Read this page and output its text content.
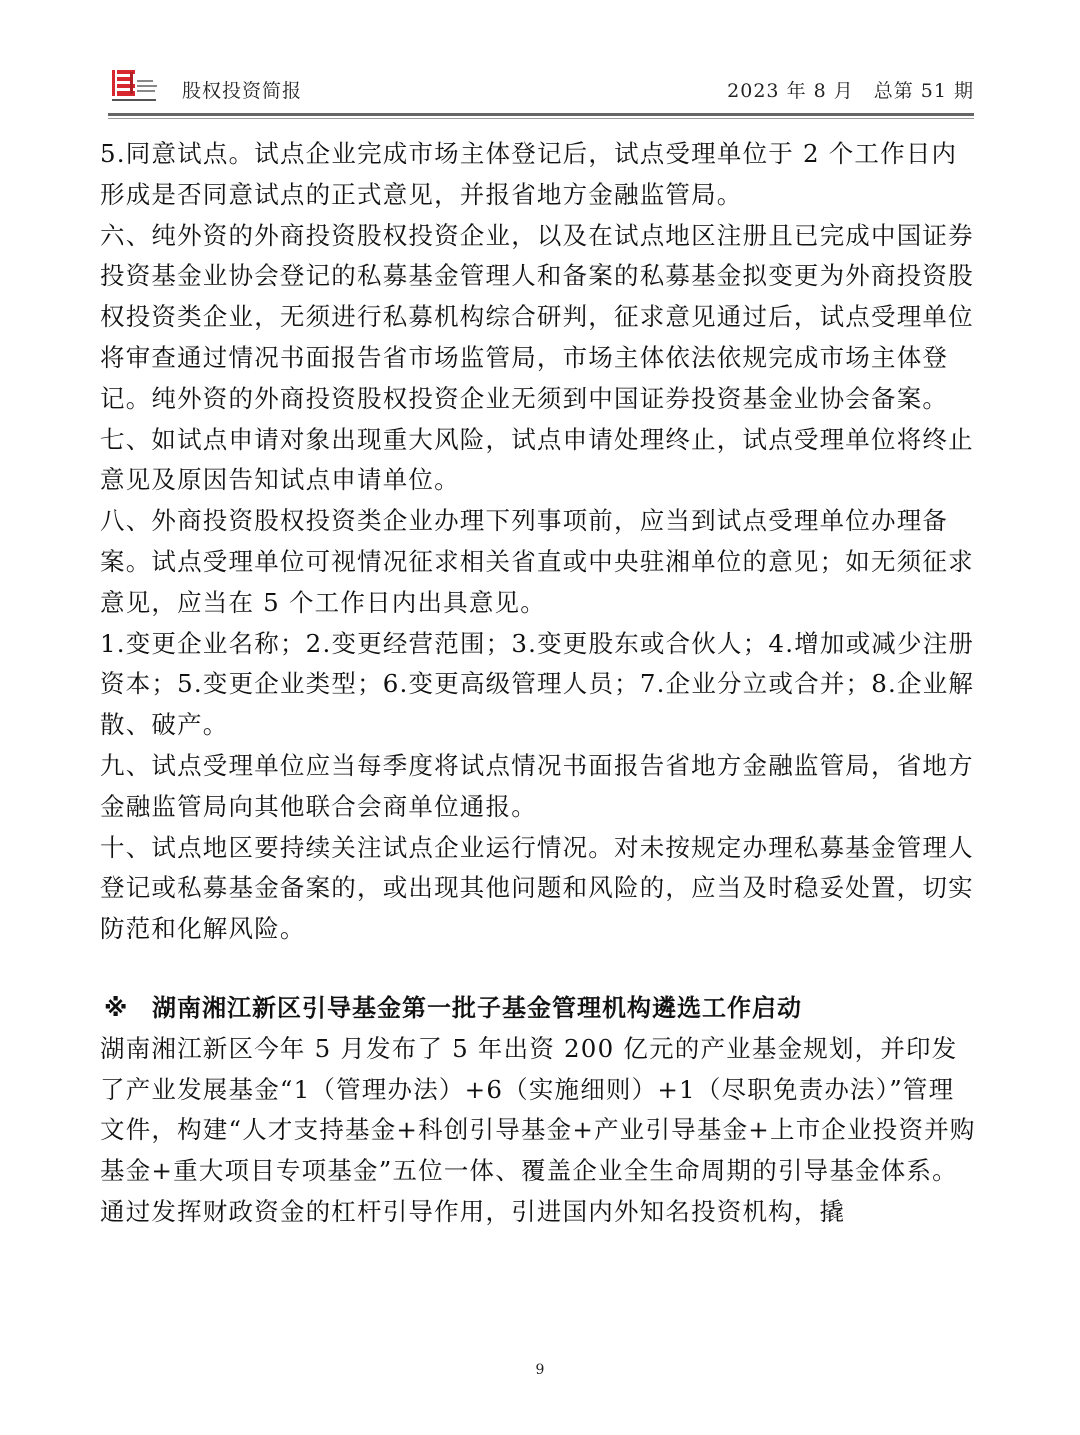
股权投资简报	2023 年 8 月　总第 51 期

5.同意试点。试点企业完成市场主体登记后，试点受理单位于 2 个工作日内形成是否同意试点的正式意见，并报省地方金融监管局。

六、纯外资的外商投资股权投资企业，以及在试点地区注册且已完成中国证券投资基金业协会登记的私募基金管理人和备案的私募基金拟变更为外商投资股权投资类企业，无须进行私募机构综合研判，征求意见通过后，试点受理单位将审查通过情况书面报告省市场监管局，市场主体依法依规完成市场主体登记。纯外资的外商投资股权投资企业无须到中国证券投资基金业协会备案。

七、如试点申请对象出现重大风险，试点申请处理终止，试点受理单位将终止意见及原因告知试点申请单位。

八、外商投资股权投资类企业办理下列事项前，应当到试点受理单位办理备案。试点受理单位可视情况征求相关省直或中央驻湘单位的意见；如无须征求意见，应当在 5 个工作日内出具意见。

1.变更企业名称；2.变更经营范围；3.变更股东或合伙人；4.增加或减少注册资本；5.变更企业类型；6.变更高级管理人员；7.企业分立或合并；8.企业解散、破产。

九、试点受理单位应当每季度将试点情况书面报告省地方金融监管局，省地方金融监管局向其他联合会商单位通报。

十、试点地区要持续关注试点企业运行情况。对未按规定办理私募基金管理人登记或私募基金备案的，或出现其他问题和风险的，应当及时稳妥处置，切实防范和化解风险。

※ 湖南湘江新区引导基金第一批子基金管理机构遴选工作启动

湖南湘江新区今年 5 月发布了 5 年出资 200 亿元的产业基金规划，并印发了产业发展基金“1（管理办法）+6（实施细则）+1（尽职免责办法）”管理文件，构建“人才支持基金+科创引导基金+产业引导基金+上市企业投资并购基金+重大项目专项基金”五位一体、覆盖企业全生命周期的引导基金体系。通过发挥财政资金的杠杆引导作用，引进国内外知名投资机构，撬

9
